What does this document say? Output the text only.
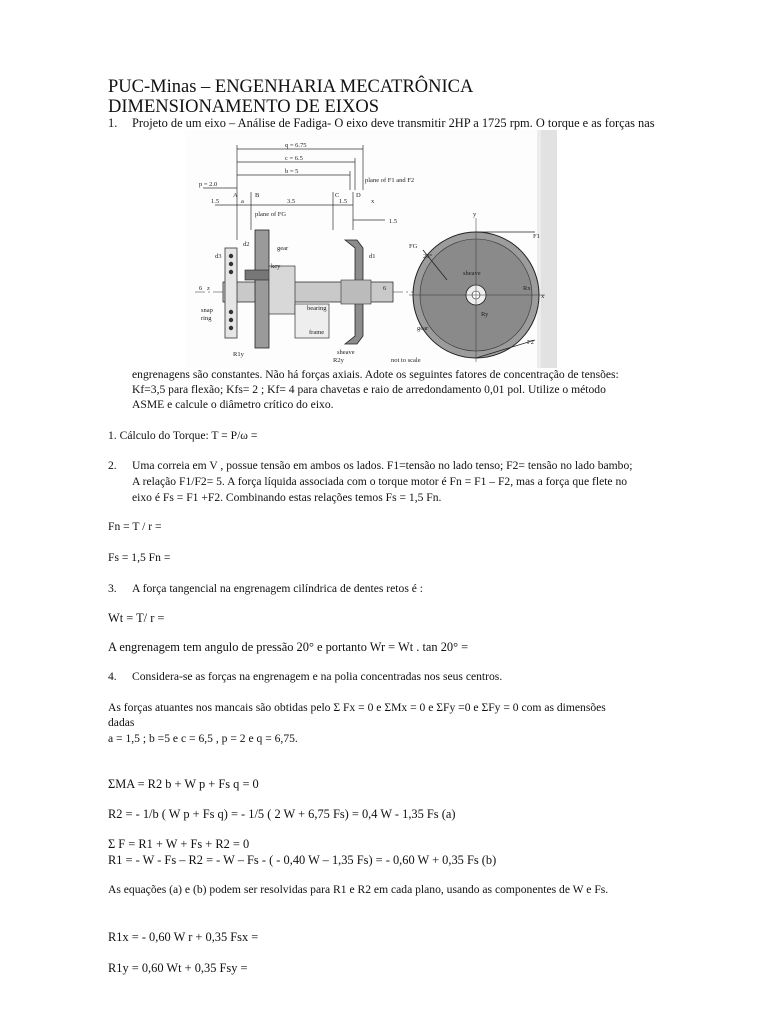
PUC-Minas – ENGENHARIA MECATRÔNICA
DIMENSIONAMENTO DE EIXOS
1. Projeto de um eixo – Análise de Fadiga- O eixo deve transmitir 2HP a 1725 rpm. O torque e as forças nas
q = 6.75
c = 6.5
b = 5
p = 2.0
1.5	a	3.5	1.5	x
1.5
A	B	C	D
plane of F1 and F2
plane of FG
gear
key
bearing
frame
sheave
d3
d2
d1
6 z	6
snap
ring
R1y
R2y	not to scale
y
x
F1
F2
FG
20°
sheave
gear
Rx
Ry
engrenagens são constantes. Não há forças axiais. Adote os seguintes fatores de concentração de tensões:
Kf=3,5 para flexão; Kfs= 2 ; Kf= 4 para chavetas e raio de arredondamento 0,01 pol. Utilize o método
ASME e calcule o diâmetro crítico do eixo.
1. Cálculo do Torque: T = P/ω =
2. Uma correia em V , possue tensão em ambos os lados. F1=tensão no lado tenso; F2= tensão no lado bambo;
A relação F1/F2= 5. A força líquida associada com o torque motor é Fn = F1 – F2, mas a força que flete no
eixo é Fs = F1 +F2. Combinando estas relações temos Fs = 1,5 Fn.
Fn = T / r =
Fs = 1,5 Fn =
3. A força tangencial na engrenagem cilíndrica de dentes retos é :
Wt = T/ r =
A engrenagem tem angulo de pressão 20° e portanto Wr = Wt . tan 20° =
4. Considera-se as forças na engrenagem e na polia concentradas nos seus centros.
As forças atuantes nos mancais são obtidas pelo Σ Fx = 0 e ΣMx = 0 e ΣFy =0 e ΣFy = 0 com as dimensões
dadas
a = 1,5 ; b =5 e c = 6,5 , p = 2 e q = 6,75.
ΣMA = R2 b + W p + Fs q = 0
R2 = - 1/b ( W p + Fs q) = - 1/5 ( 2 W + 6,75 Fs) = 0,4 W - 1,35 Fs (a)
Σ F = R1 + W + Fs + R2 = 0
R1 = - W - Fs – R2 = - W – Fs - ( - 0,40 W – 1,35 Fs) = - 0,60 W + 0,35 Fs (b)
As equações (a) e (b) podem ser resolvidas para R1 e R2 em cada plano, usando as componentes de W e Fs.
R1x = - 0,60 W r + 0,35 Fsx =
R1y = 0,60 Wt + 0,35 Fsy =
